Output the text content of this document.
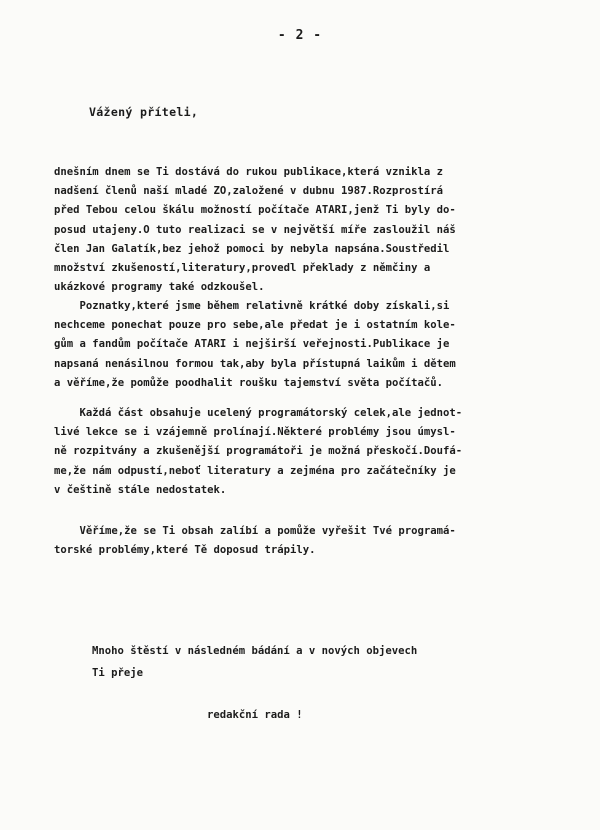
- 2 -
Vážený příteli,
dnešním dnem se Ti dostává do rukou publikace,která vznikla z
nadšení členů naší mladé ZO,založené v dubnu 1987.Rozprostírá
před Tebou celou škálu možností počítače ATARI,jenž Ti byly do-
posud utajeny.O tuto realizaci se v největší míře zasloužil náš
člen Jan Galatík,bez jehož pomoci by nebyla napsána.Soustředil
množství zkušeností,literatury,provedl překlady z němčiny a
ukázkové programy také odzkoušel.
Poznatky,které jsme během relativně krátké doby získali,si
nechceme ponechat pouze pro sebe,ale předat je i ostatním kole-
gům a fandům počítače ATARI i nejširší veřejnosti.Publikace je
napsaná nenásilnou formou tak,aby byla přístupná laikům i dětem
a věříme,že pomůže poodhalit roušku tajemství světa počítačů.
Každá část obsahuje ucelený programátorský celek,ale jednot-
livé lekce se i vzájemně prolínají.Některé problémy jsou úmysl-
ně rozpitvány a zkušenější programátoři je možná přeskočí.Doufá-
me,že nám odpustí,neboť literatury a zejména pro začátečníky je
v češtině stále nedostatek.
Věříme,že se Ti obsah zalíbí a pomůže vyřešit Tvé programá-
torské problémy,které Tě doposud trápily.
Mnoho štěstí v následném bádání a v nových objevech
Ti přeje
redakční rada !
